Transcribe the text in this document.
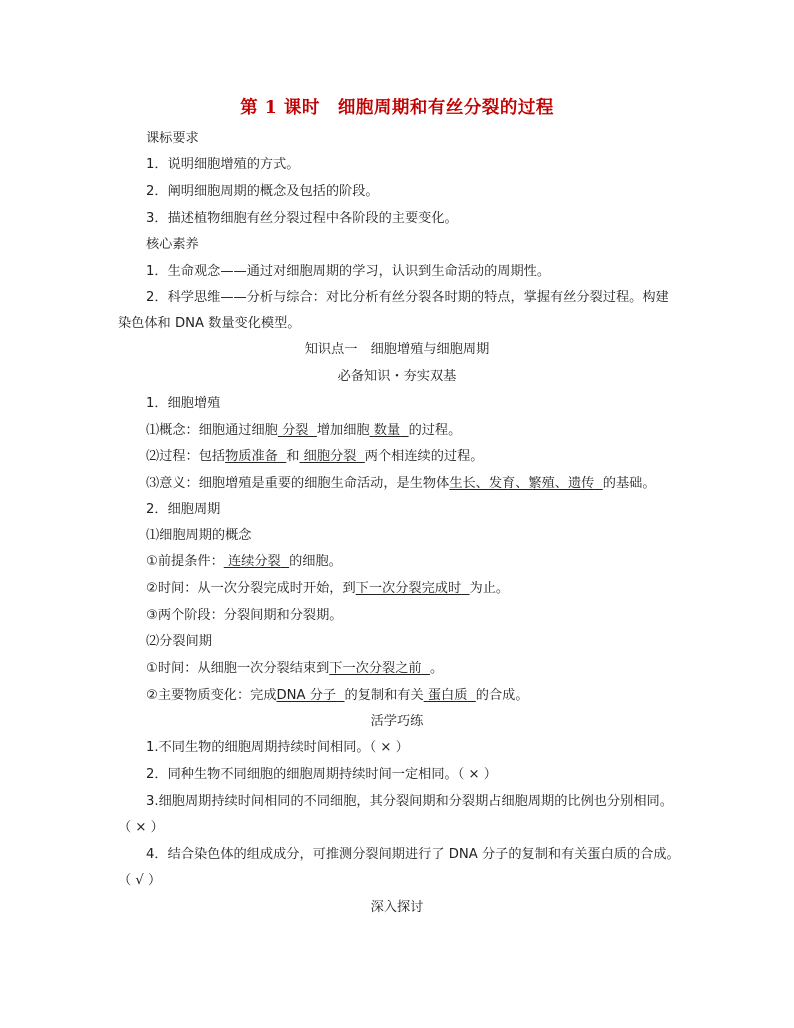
第 1 课时　细胞周期和有丝分裂的过程
课标要求
1．说明细胞增殖的方式。
2．阐明细胞周期的概念及包括的阶段。
3．描述植物细胞有丝分裂过程中各阶段的主要变化。
核心素养
1．生命观念——通过对细胞周期的学习，认识到生命活动的周期性。
2．科学思维——分析与综合：对比分析有丝分裂各时期的特点，掌握有丝分裂过程。构建
染色体和 DNA 数量变化模型。
知识点一　细胞增殖与细胞周期
必备知识・夯实双基
1．细胞增殖
⑴概念：细胞通过细胞 分裂 增加细胞 数量 的过程。
⑵过程：包括物质准备 和 细胞分裂 两个相连续的过程。
⑶意义：细胞增殖是重要的细胞生命活动，是生物体生长、发育、繁殖、遗传 的基础。
2．细胞周期
⑴细胞周期的概念
①前提条件： 连续分裂 的细胞。
②时间：从一次分裂完成时开始，到下一次分裂完成时 为止。
③两个阶段：分裂间期和分裂期。
⑵分裂间期
①时间：从细胞一次分裂结束到下一次分裂之前 。
②主要物质变化：完成DNA 分子 的复制和有关 蛋白质 的合成。
活学巧练
1.不同生物的细胞周期持续时间相同。（ × ）
2．同种生物不同细胞的细胞周期持续时间一定相同。（ × ）
3.细胞周期持续时间相同的不同细胞，其分裂间期和分裂期占细胞周期的比例也分别相同。
（ × ）
4．结合染色体的组成成分，可推测分裂间期进行了 DNA 分子的复制和有关蛋白质的合成。
（ √ ）
深入探讨
